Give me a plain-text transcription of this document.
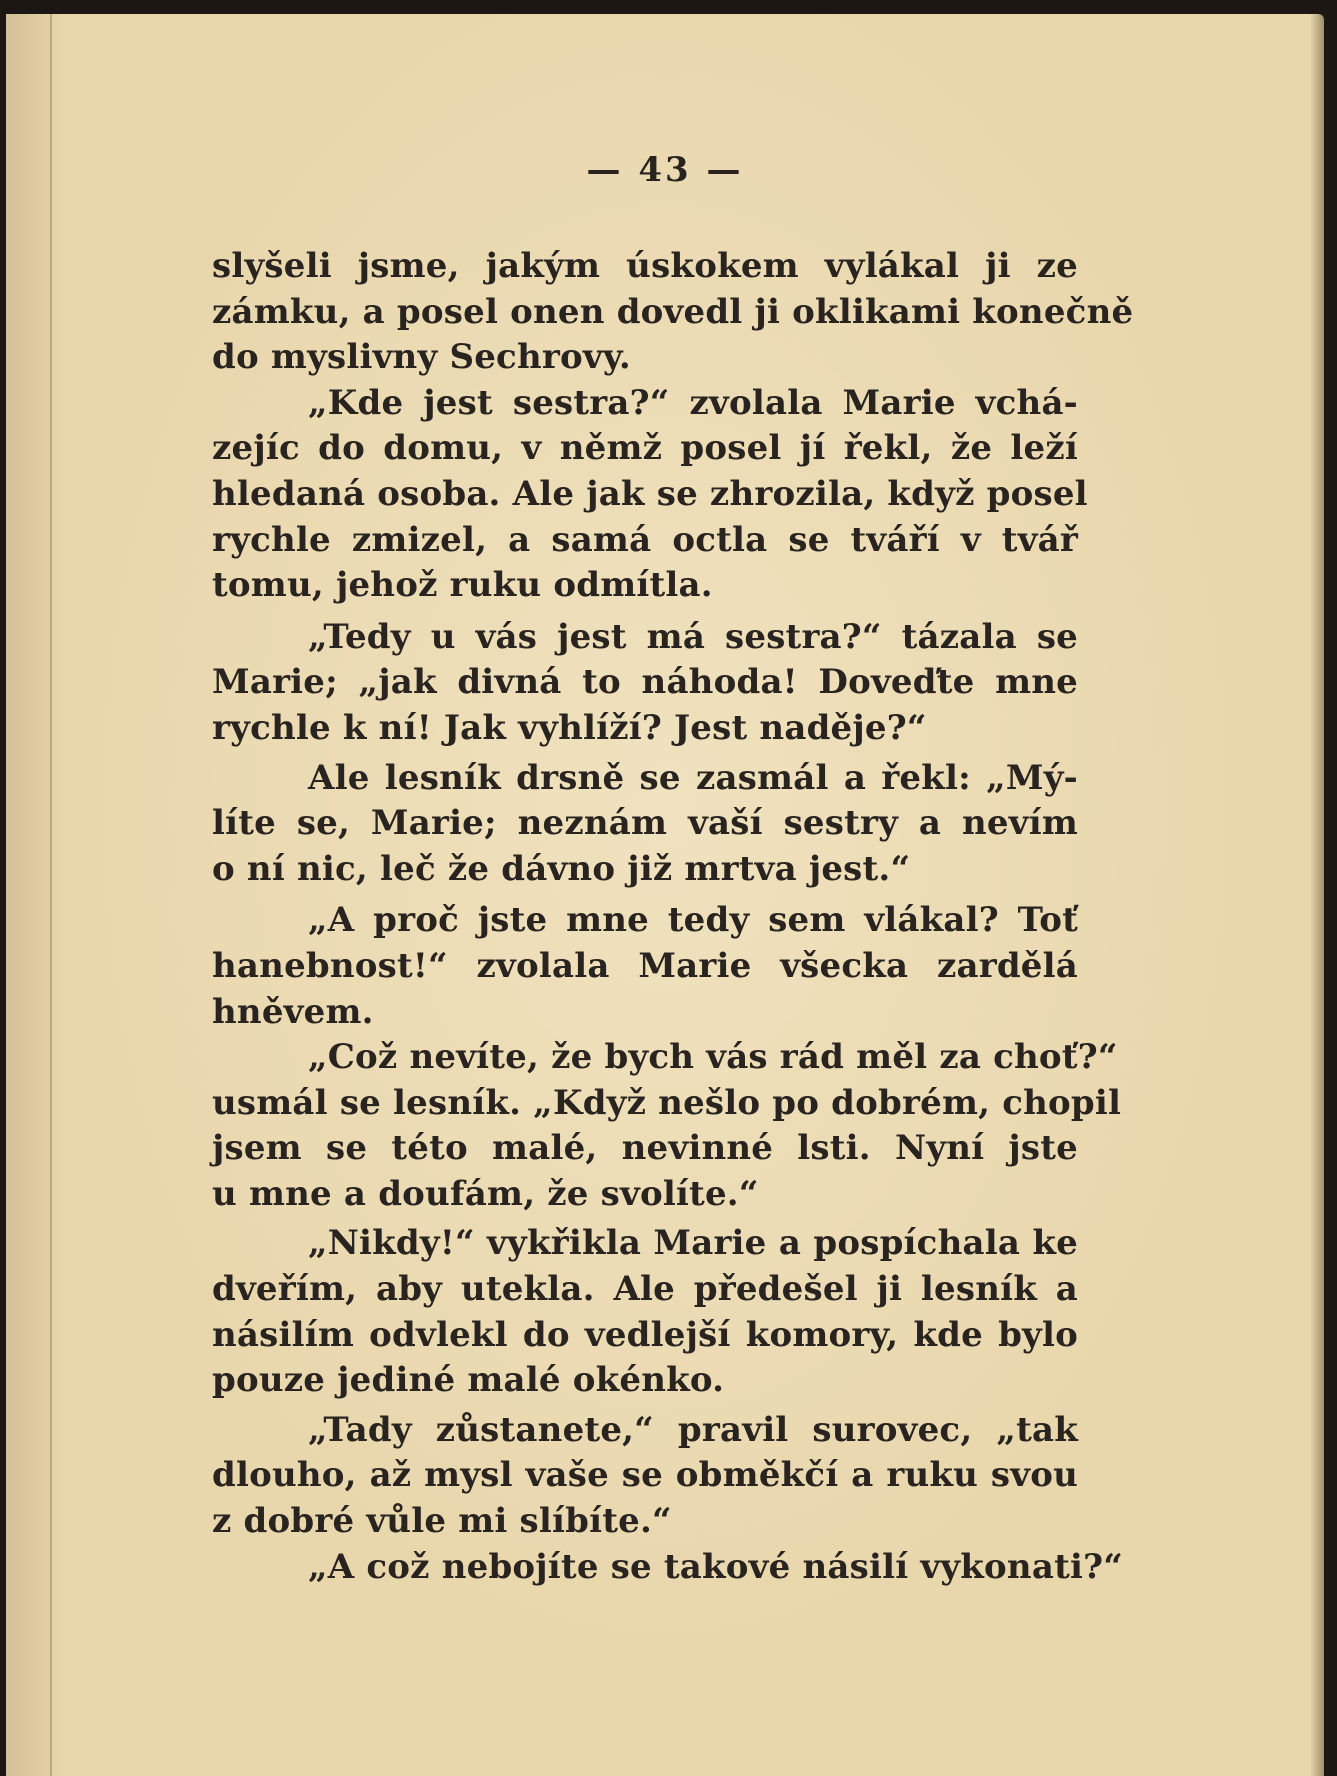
— 43 —
slyšeli jsme, jakým úskokem vylákal ji ze
zámku, a posel onen dovedl ji oklikami konečně
do myslivny Sechrovy.
„Kde jest sestra?“ zvolala Marie vchá-
zejíc do domu, v němž posel jí řekl, že leží
hledaná osoba. Ale jak se zhrozila, když posel
rychle zmizel, a samá octla se tváří v tvář
tomu, jehož ruku odmítla.
„Tedy u vás jest má sestra?“ tázala se
Marie; „jak divná to náhoda! Doveďte mne
rychle k ní! Jak vyhlíží? Jest naděje?“
Ale lesník drsně se zasmál a řekl: „Mý-
líte se, Marie; neznám vaší sestry a nevím
o ní nic, leč že dávno již mrtva jest.“
„A proč jste mne tedy sem vlákal? Toť
hanebnost!“ zvolala Marie všecka zardělá
hněvem.
„Což nevíte, že bych vás rád měl za choť?“
usmál se lesník. „Když nešlo po dobrém, chopil
jsem se této malé, nevinné lsti. Nyní jste
u mne a doufám, že svolíte.“
„Nikdy!“ vykřikla Marie a pospíchala ke
dveřím, aby utekla. Ale předešel ji lesník a
násilím odvlekl do vedlejší komory, kde bylo
pouze jediné malé okénko.
„Tady zůstanete,“ pravil surovec, „tak
dlouho, až mysl vaše se obměkčí a ruku svou
z dobré vůle mi slíbíte.“
„A což nebojíte se takové násilí vykonati?“
